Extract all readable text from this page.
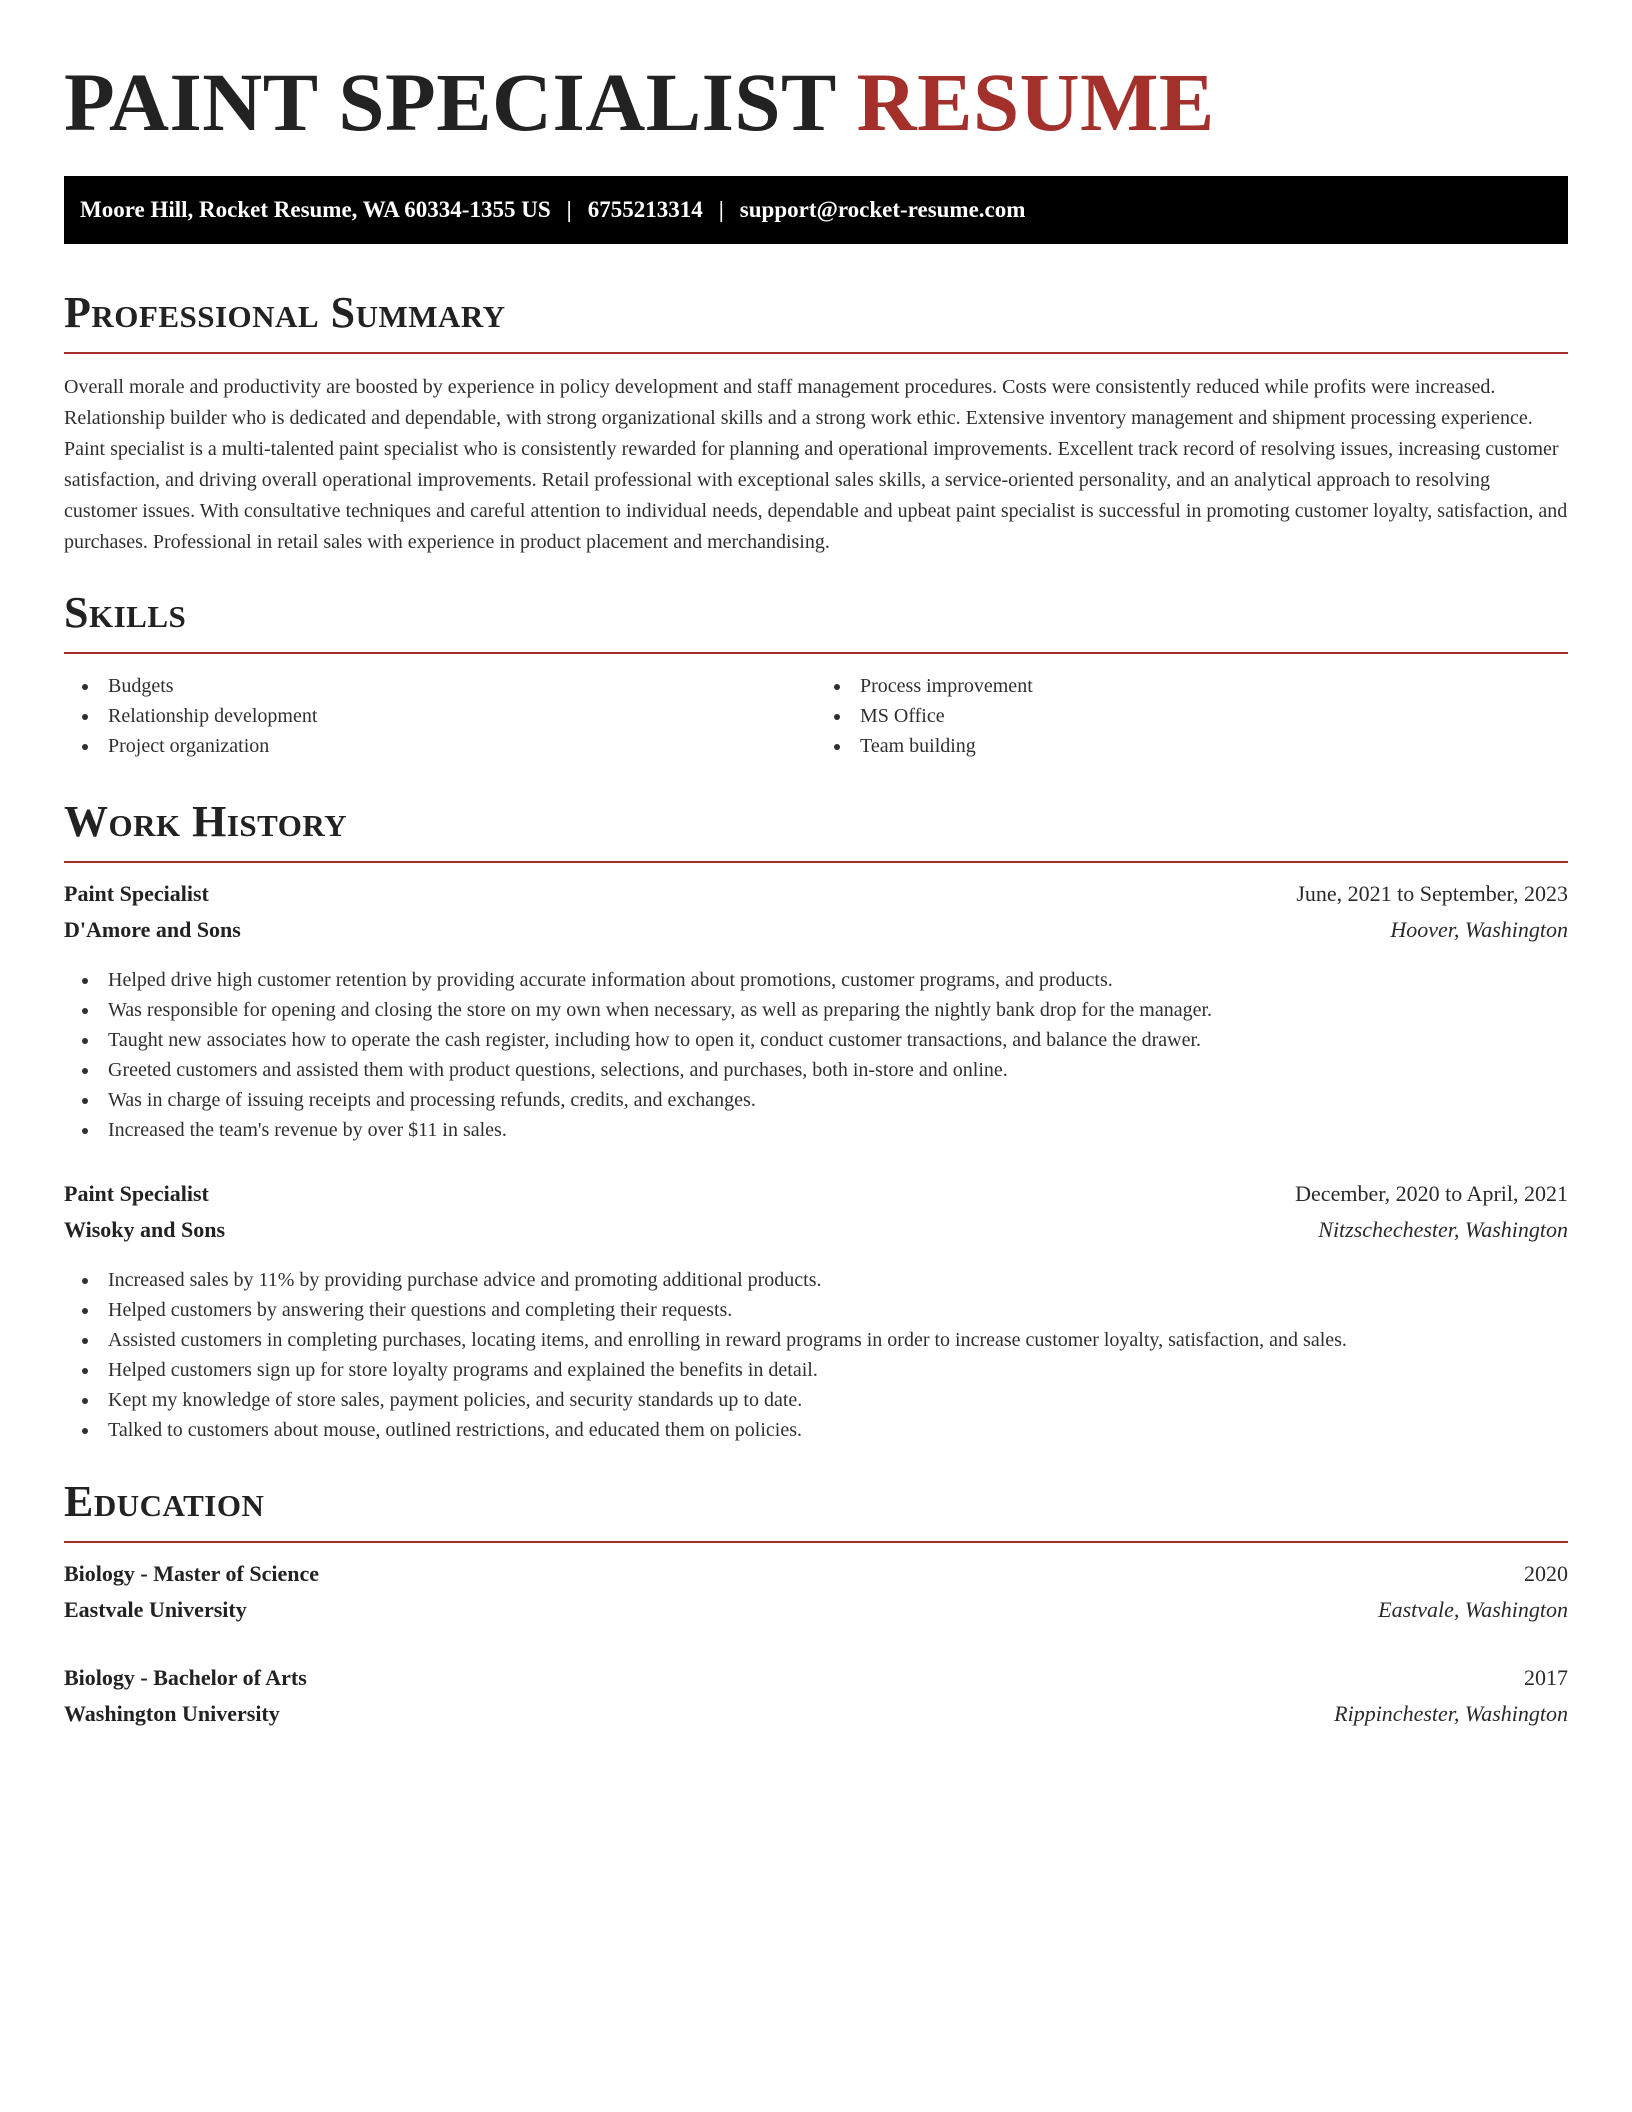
PAINT SPECIALIST RESUME
Moore Hill, Rocket Resume, WA 60334-1355 US | 6755213314 | support@rocket-resume.com
Professional Summary

Overall morale and productivity are boosted by experience in policy development and staff management procedures. Costs were consistently reduced while profits were increased. Relationship builder who is dedicated and dependable, with strong organizational skills and a strong work ethic. Extensive inventory management and shipment processing experience. Paint specialist is a multi-talented paint specialist who is consistently rewarded for planning and operational improvements. Excellent track record of resolving issues, increasing customer satisfaction, and driving overall operational improvements. Retail professional with exceptional sales skills, a service-oriented personality, and an analytical approach to resolving customer issues. With consultative techniques and careful attention to individual needs, dependable and upbeat paint specialist is successful in promoting customer loyalty, satisfaction, and purchases. Professional in retail sales with experience in product placement and merchandising.

Skills
Budgets
Relationship development
Project organization
Process improvement
MS Office
Team building
Work History
Paint Specialist	June, 2021 to September, 2023
D'Amore and Sons	Hoover, Washington
Helped drive high customer retention by providing accurate information about promotions, customer programs, and products.
Was responsible for opening and closing the store on my own when necessary, as well as preparing the nightly bank drop for the manager.
Taught new associates how to operate the cash register, including how to open it, conduct customer transactions, and balance the drawer.
Greeted customers and assisted them with product questions, selections, and purchases, both in-store and online.
Was in charge of issuing receipts and processing refunds, credits, and exchanges.
Increased the team's revenue by over $11 in sales.
Paint Specialist	December, 2020 to April, 2021
Wisoky and Sons	Nitzschechester, Washington
Increased sales by 11% by providing purchase advice and promoting additional products.
Helped customers by answering their questions and completing their requests.
Assisted customers in completing purchases, locating items, and enrolling in reward programs in order to increase customer loyalty, satisfaction, and sales.
Helped customers sign up for store loyalty programs and explained the benefits in detail.
Kept my knowledge of store sales, payment policies, and security standards up to date.
Talked to customers about mouse, outlined restrictions, and educated them on policies.
Education
Biology - Master of Science	2020
Eastvale University	Eastvale, Washington
Biology - Bachelor of Arts	2017
Washington University	Rippinchester, Washington
